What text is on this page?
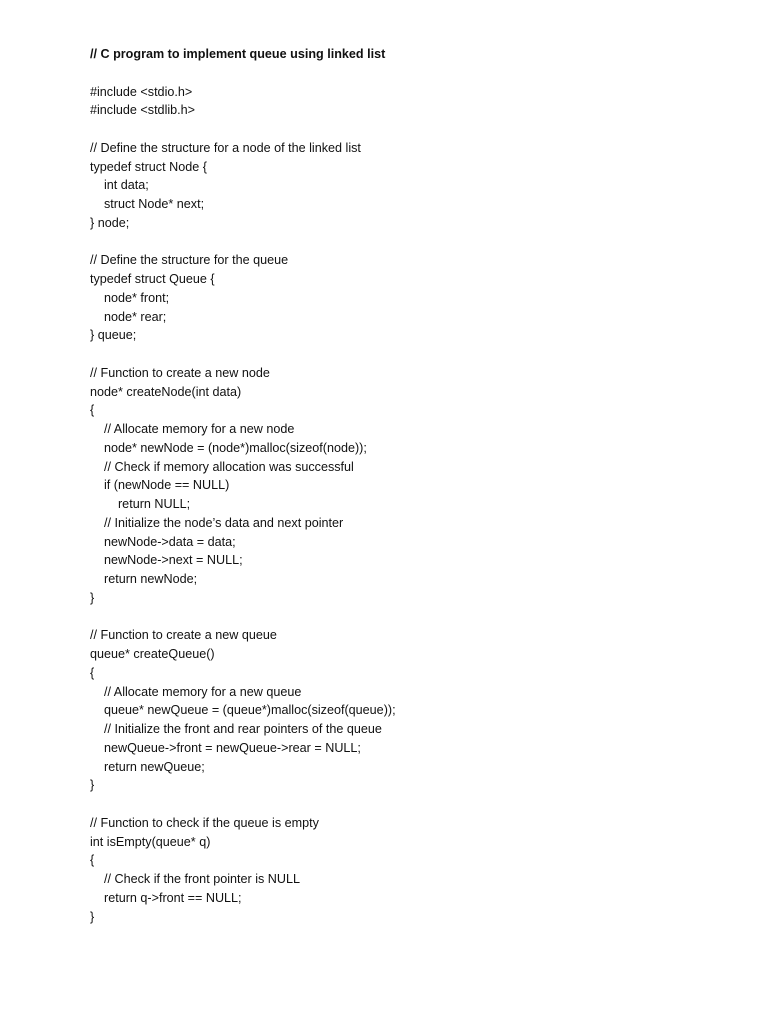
// C program to implement queue using linked list
#include <stdio.h>
#include <stdlib.h>
// Define the structure for a node of the linked list
typedef struct Node {
int data;
struct Node* next;
} node;
// Define the structure for the queue
typedef struct Queue {
node* front;
node* rear;
} queue;
// Function to create a new node
node* createNode(int data)
{
// Allocate memory for a new node
node* newNode = (node*)malloc(sizeof(node));
// Check if memory allocation was successful
if (newNode == NULL)
return NULL;
// Initialize the node’s data and next pointer
newNode->data = data;
newNode->next = NULL;
return newNode;
}
// Function to create a new queue
queue* createQueue()
{
// Allocate memory for a new queue
queue* newQueue = (queue*)malloc(sizeof(queue));
// Initialize the front and rear pointers of the queue
newQueue->front = newQueue->rear = NULL;
return newQueue;
}
// Function to check if the queue is empty
int isEmpty(queue* q)
{
// Check if the front pointer is NULL
return q->front == NULL;
}
